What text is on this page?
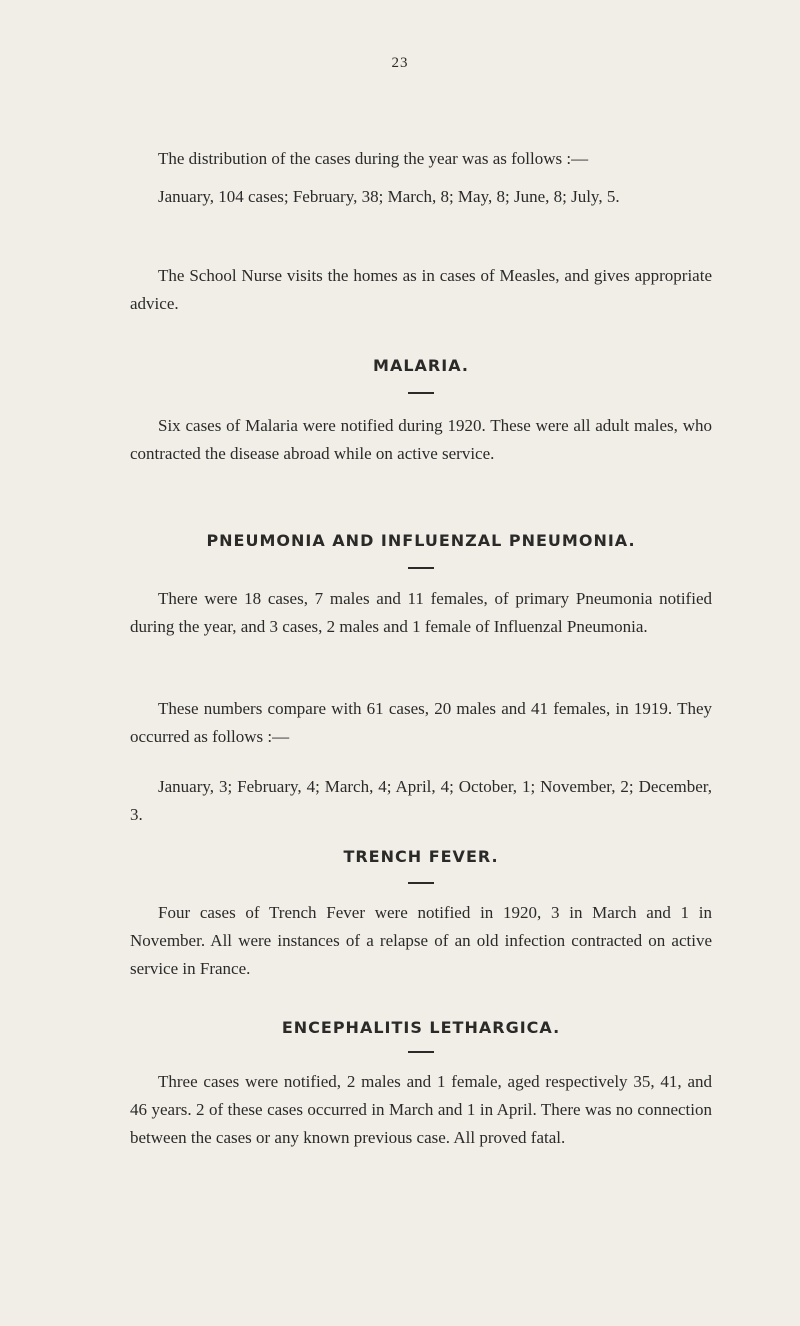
23

The distribution of the cases during the year was as follows :—

January, 104 cases; February, 38; March, 8; May, 8; June, 8; July, 5.

The School Nurse visits the homes as in cases of Measles, and gives appropriate advice.

MALARIA.

Six cases of Malaria were notified during 1920. These were all adult males, who contracted the disease abroad while on active service.

PNEUMONIA AND INFLUENZAL PNEUMONIA.

There were 18 cases, 7 males and 11 females, of primary Pneumonia notified during the year, and 3 cases, 2 males and 1 female of Influenzal Pneumonia.

These numbers compare with 61 cases, 20 males and 41 females, in 1919. They occurred as follows :—

January, 3; February, 4; March, 4; April, 4; October, 1; November, 2; December, 3.

TRENCH FEVER.

Four cases of Trench Fever were notified in 1920, 3 in March and 1 in November. All were instances of a relapse of an old infection contracted on active service in France.

ENCEPHALITIS LETHARGICA.

Three cases were notified, 2 males and 1 female, aged respectively 35, 41, and 46 years. 2 of these cases occurred in March and 1 in April. There was no connection between the cases or any known previous case. All proved fatal.
